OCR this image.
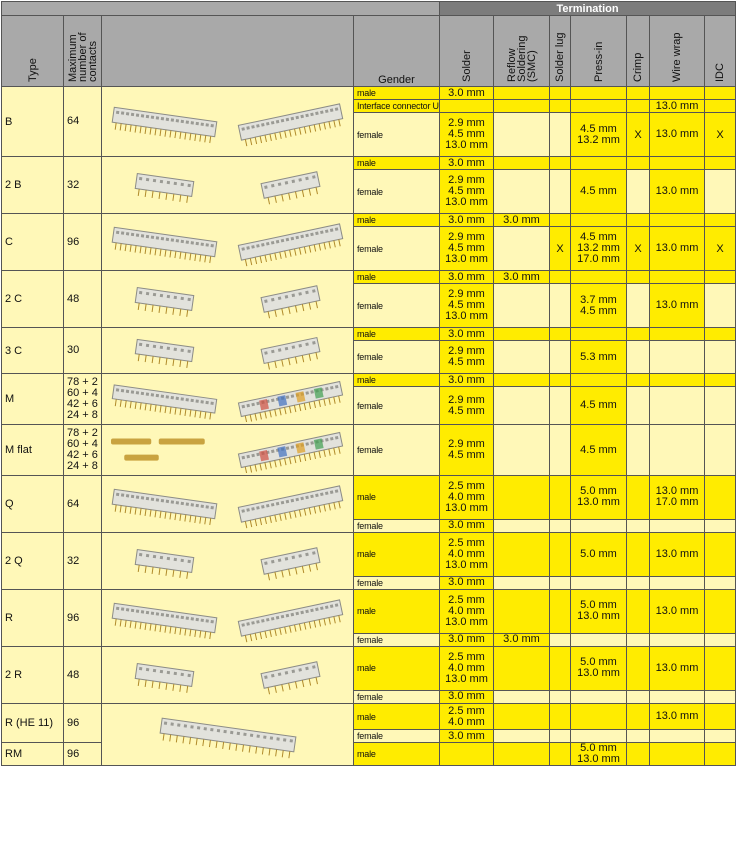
				Termination						

Type	Maximum
number of
contacts		Gender	Solder	Reflow
Soldering
(SMC)	Solder lug	Press-in	Crimp	Wire wrap	IDC

B	64		male	3.0 mm						
			Interface connector U						13.0 mm	
			female	2.9 mm
4.5 mm
13.0 mm			4.5 mm
13.2 mm	X	13.0 mm	X
2 B	32		male	3.0 mm						
			female	2.9 mm
4.5 mm
13.0 mm			4.5 mm		13.0 mm	
C	96		male	3.0 mm	3.0 mm					
			female	2.9 mm
4.5 mm
13.0 mm		X	4.5 mm
13.2 mm
17.0 mm	X	13.0 mm	X
2 C	48		male	3.0 mm	3.0 mm					
			female	2.9 mm
4.5 mm
13.0 mm			3.7 mm
4.5 mm		13.0 mm	
3 C	30		male	3.0 mm						
			female	2.9 mm
4.5 mm			5.3 mm			
M	78 + 2
60 + 4
42 + 6
24 + 8		male	3.0 mm						
			female	2.9 mm
4.5 mm			4.5 mm			
M flat	78 + 2
60 + 4
42 + 6
24 + 8		female	2.9 mm
4.5 mm			4.5 mm			
Q	64		male	2.5 mm
4.0 mm
13.0 mm			5.0 mm
13.0 mm		13.0 mm
17.0 mm	
			female	3.0 mm						
2 Q	32		male	2.5 mm
4.0 mm
13.0 mm			5.0 mm		13.0 mm	
			female	3.0 mm						
R	96		male	2.5 mm
4.0 mm
13.0 mm			5.0 mm
13.0 mm		13.0 mm	
			female	3.0 mm	3.0 mm					
2 R	48		male	2.5 mm
4.0 mm
13.0 mm			5.0 mm
13.0 mm		13.0 mm	
			female	3.0 mm						
R (HE 11)	96		male	2.5 mm
4.0 mm					13.0 mm	
			female	3.0 mm						
RM	96		male				5.0 mm
13.0 mm			
